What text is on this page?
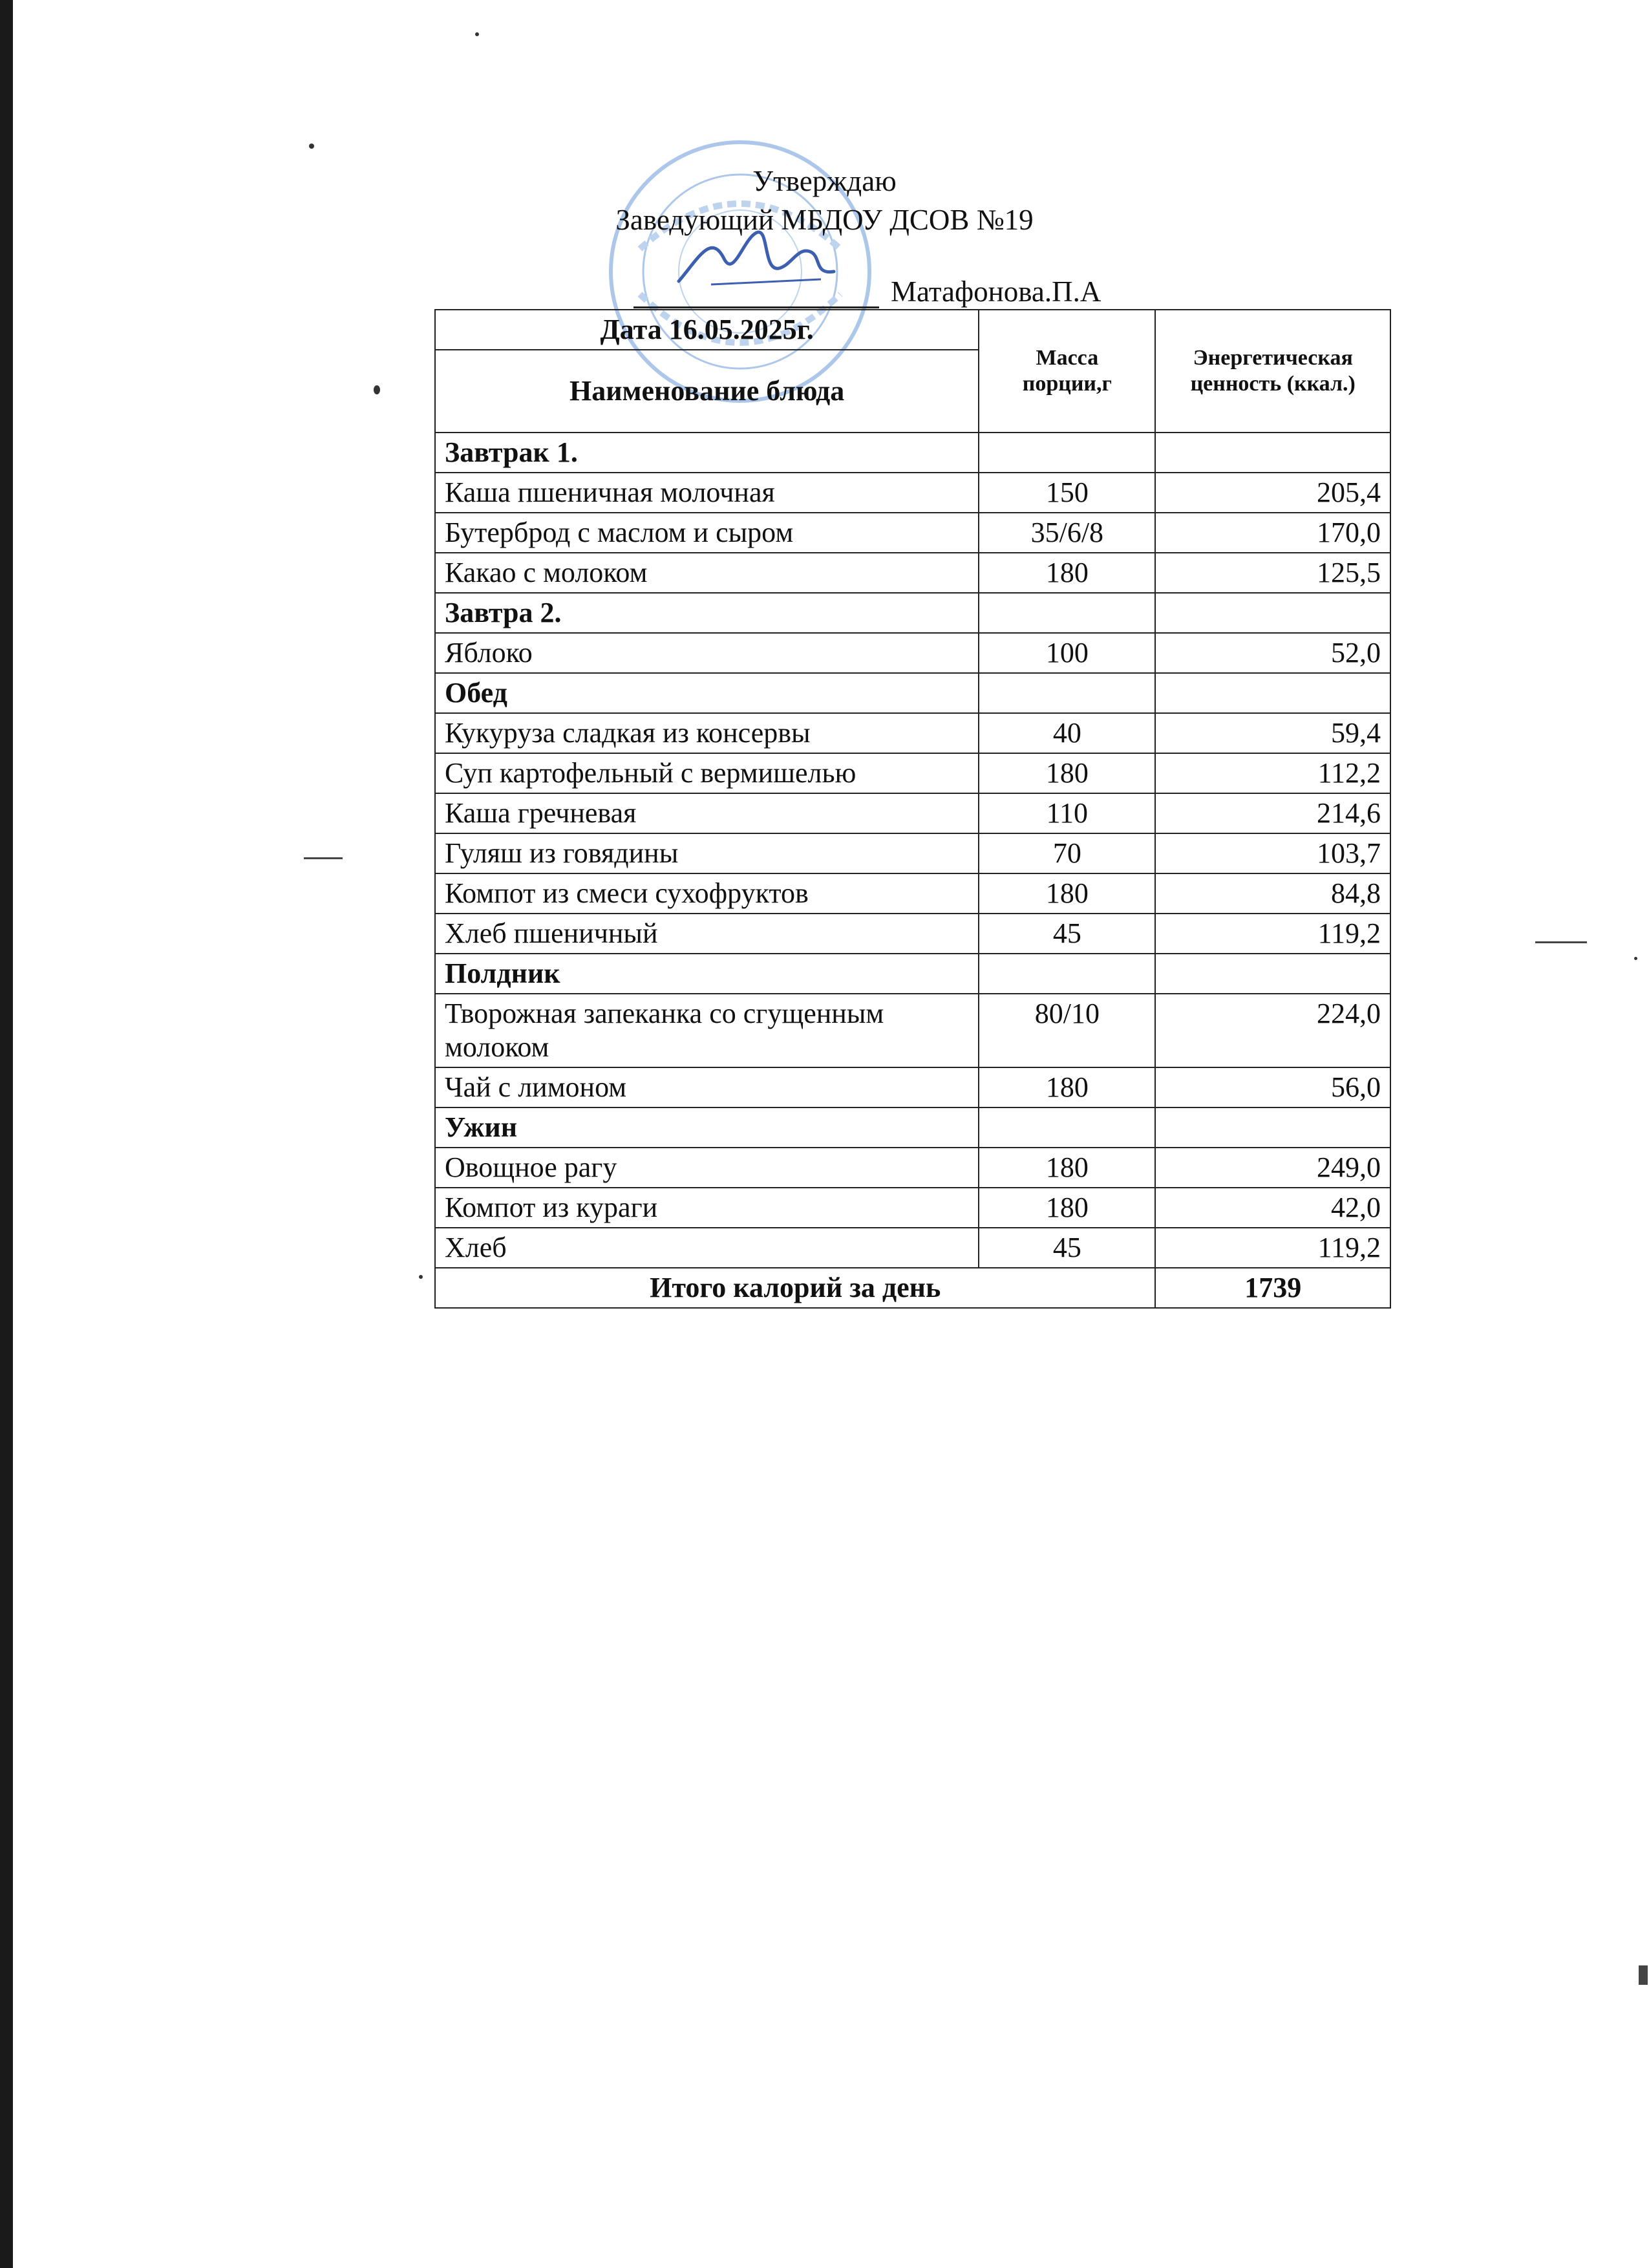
Утверждаю
Заведующий МБДОУ ДСОВ №19
Матафонова.П.А
Дата 16.05.2025г.	Масса порции,г	Энергетическая ценность (ккал.)
Наименование блюда		
Завтрак 1.		
Каша пшеничная молочная	150	205,4
Бутерброд с маслом и сыром	35/6/8	170,0
Какао с молоком	180	125,5
Завтра 2.		
Яблоко	100	52,0
Обед		
Кукуруза сладкая из консервы	40	59,4
Суп картофельный с вермишелью	180	112,2
Каша гречневая	110	214,6
Гуляш из говядины	70	103,7
Компот из смеси сухофруктов	180	84,8
Хлеб пшеничный	45	119,2
Полдник		
Творожная запеканка со сгущенным молоком	80/10	224,0
Чай с лимоном	180	56,0
Ужин		
Овощное рагу	180	249,0
Компот из кураги	180	42,0
Хлеб	45	119,2
Итого калорий за день		1739
